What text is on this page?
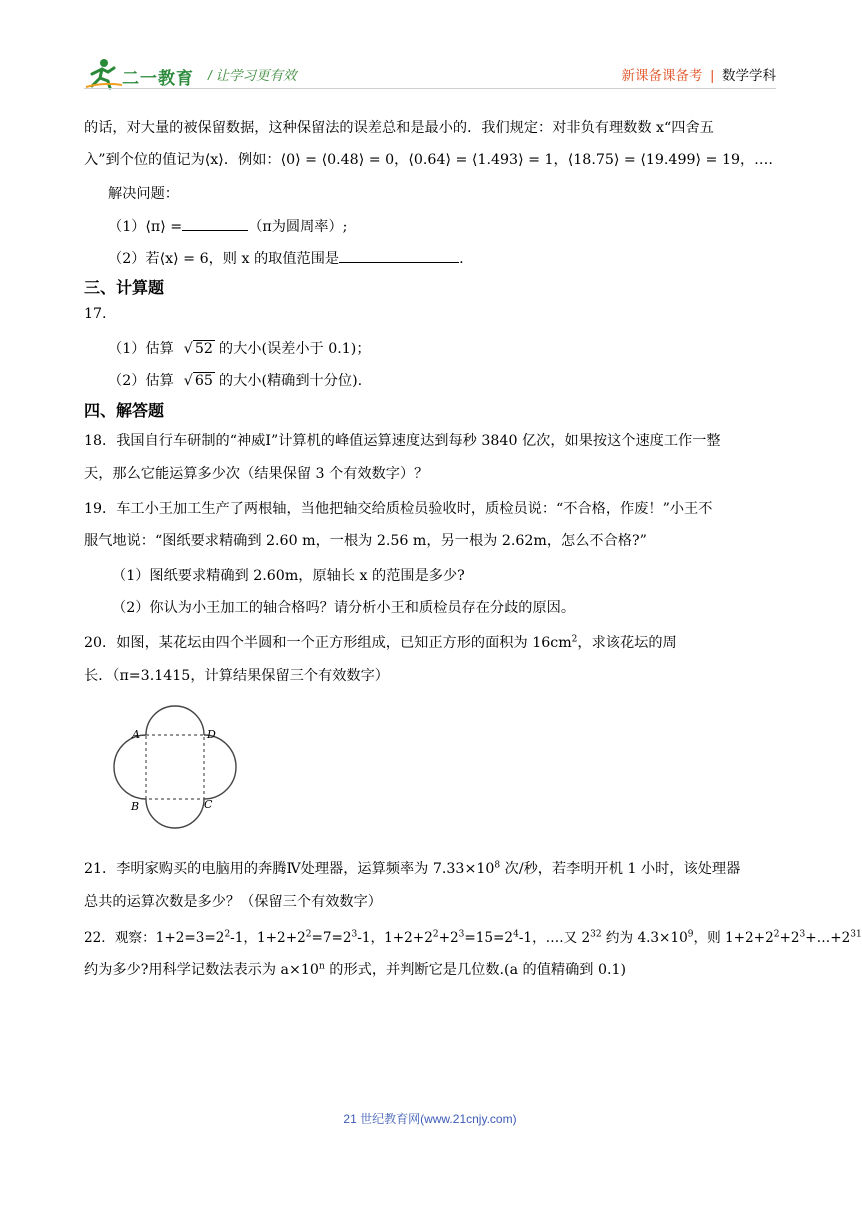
二一教育 / 让学习更有效	新课备课备考 | 数学学科
的话，对大量的被保留数据，这种保留法的误差总和是最小的．我们规定：对非负有理数数 x“四舍五
入”到个位的值记为⟨x⟩．例如：⟨0⟩ = ⟨0.48⟩ = 0，⟨0.64⟩ = ⟨1.493⟩ = 1，⟨18.75⟩ = ⟨19.499⟩ = 19，….
解决问题：
（1）⟨π⟩ =	（π为圆周率）;
（2）若⟨x⟩ = 6，则 x 的取值范围是	.
三、计算题
17.
（1）估算 √ 52 的大小(误差小于 0.1)；
（2）估算 √ 65 的大小(精确到十分位).
四、解答题
18．我国自行车研制的“神威Ⅰ”计算机的峰值运算速度达到每秒 3840 亿次，如果按这个速度工作一整
天，那么它能运算多少次（结果保留 3 个有效数字）？
19．车工小王加工生产了两根轴，当他把轴交给质检员验收时，质检员说：“不合格，作废！”小王不
服气地说：“图纸要求精确到 2.60 m，一根为 2.56 m，另一根为 2.62m，怎么不合格?”
（1）图纸要求精确到 2.60m，原轴长 x 的范围是多少?
（2）你认为小王加工的轴合格吗？请分析小王和质检员存在分歧的原因。
20．如图，某花坛由四个半圆和一个正方形组成，已知正方形的面积为 $16cm^2$，求该花坛的周
长．（π=3.1415，计算结果保留三个有效数字）
A	D
B	C
21．李明家购买的电脑用的奔腾Ⅳ处理器，运算频率为 $7.33\times 10^8$ 次/秒，若李明开机 1 小时，该处理器
总共的运算次数是多少？（保留三个有效数字）
22．观察：$1+2=3=2^2-1$，$1+2+2^2=7=2^3-1$，$1+2+2^2+2^3=15=2^4-1$，….又 $2^{32}$ 约为 $4.3\times 10^9$，则 $1+2+2^2+2^3+\dots+2^{31}$
约为多少?用科学记数法表示为 $a\times 10^n$ 的形式，并判断它是几位数.(a 的值精确到 0.1)
21 世纪教育网(www.21cnjy.com)
